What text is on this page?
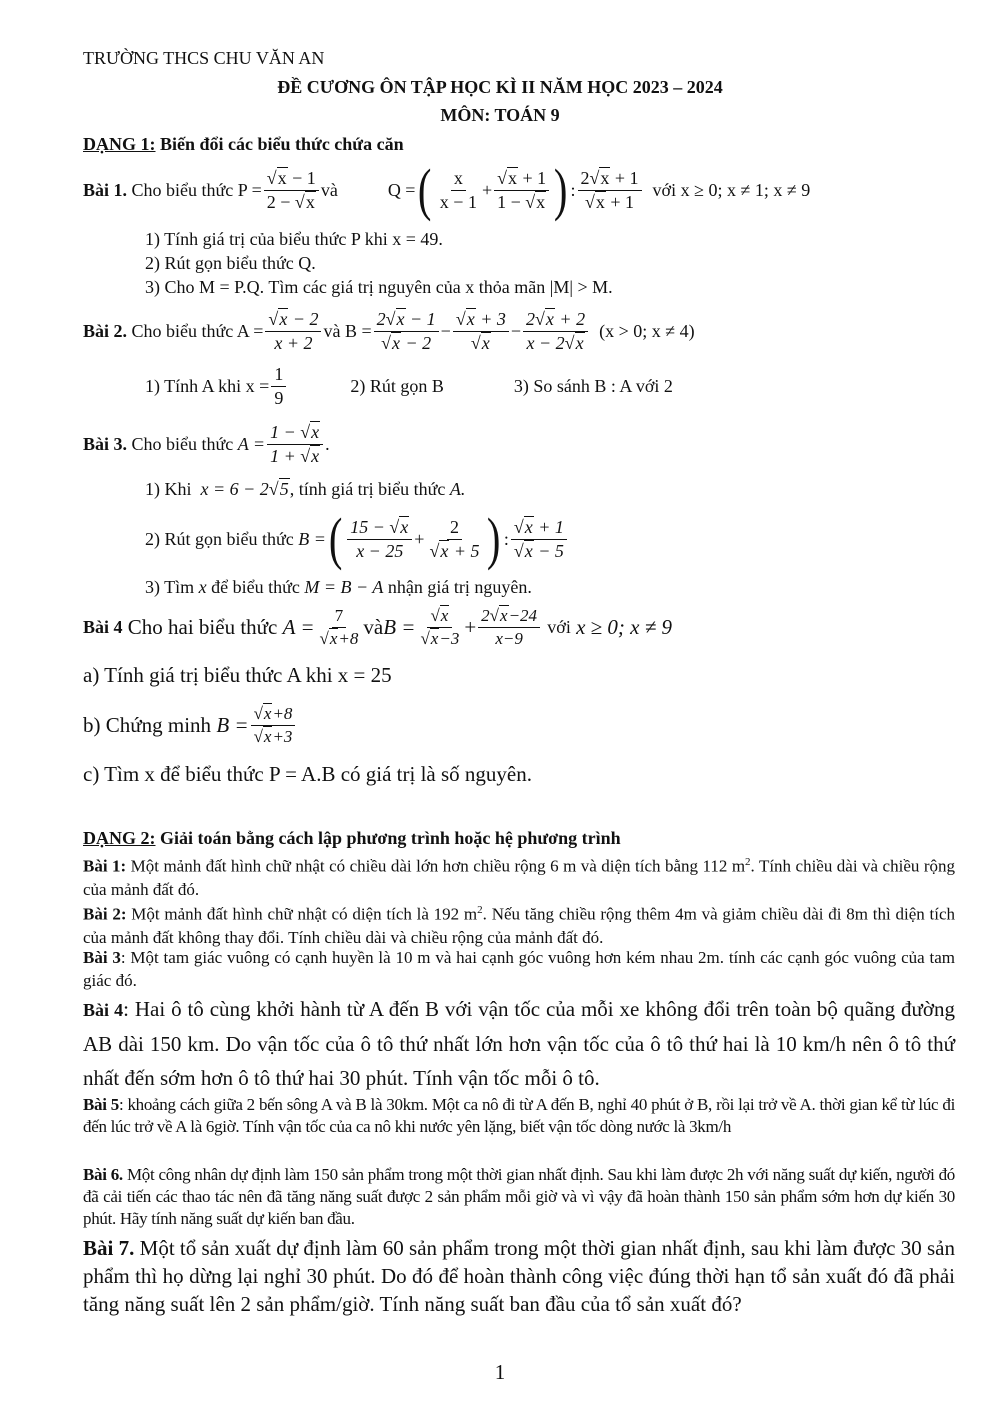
TRƯỜNG THCS CHU VĂN AN
ĐỀ CƯƠNG ÔN TẬP HỌC KÌ II NĂM HỌC 2023 – 2024
MÔN: TOÁN 9
DẠNG 1: Biến đổi các biểu thức chứa căn
Bài 1.
Cho biểu thức
$P = \frac{√x - 1}{2 - √x}$ và	Q = ( $\frac{x}{x - 1} + \frac{√x + 1}{1 - √x}$ ) :
2√x + 1
√x + 1

với x ≥ 0; x ≠ 1; x ≠ 9
1) Tính giá trị của biểu thức P khi x = 49.
2) Rút gọn biểu thức Q.
3) Cho M = P.Q. Tìm các giá trị nguyên của x thỏa mãn |M| > M.
Bài 2.
Cho biểu thức $A = \frac{√x - 2}{x + 2}$ và $B = \frac{2√x - 1}{√x - 2} - \frac{√x + 3}{√x} - \frac{2√x + 2}{x - 2√x}$
(x > 0; x ≠ 4)
1) Tính A khi $x = \frac{1}{9}$	2) Rút gọn B	3) So sánh B : A với 2
Bài 3.
Cho biểu thức
$A = \frac{1 - √x}{1 + √x}$ .
1) Khi x = 6 − 2√5, tính giá trị biểu thức A.
2) Rút gọn biểu thức
B = ( 15 − √x
x − 25
+ $\frac{2}{√x + 5}$ ) :
√x + 1
√x − 5
3) Tìm x để biểu thức M = B − A nhận giá trị nguyên.
Bài 4
Cho hai biểu thức
$A = \frac{7}{√x+8}$ và $B = \frac{√x}{√x-3} + \frac{2√x-24}{x-9}$
với
x ≥ 0; x ≠ 9
a) Tính giá trị biểu thức A khi x = 25
b) Chứng minh
$B = \frac{√x+8}{√x+3}$
c) Tìm x để biểu thức P = A.B có giá trị là số nguyên.
DẠNG 2: Giải toán bằng cách lập phương trình hoặc hệ phương trình
Bài 1: Một mảnh đất hình chữ nhật có chiều dài lớn hơn chiều rộng 6 m và diện tích bằng 112 $m^2$. Tính chiều dài và chiều rộng của mảnh đất đó.
Bài 2: Một mảnh đất hình chữ nhật có diện tích là 192 $m^2$. Nếu tăng chiều rộng thêm 4m và giảm chiều dài đi 8m thì diện tích của mảnh đất không thay đổi. Tính chiều dài và chiều rộng của mảnh đất đó.
Bài 3: Một tam giác vuông có cạnh huyền là 10 m và hai cạnh góc vuông hơn kém nhau 2m. tính các cạnh góc vuông của tam giác đó.
Bài 4: Hai ô tô cùng khởi hành từ A đến B với vận tốc của mỗi xe không đổi trên toàn bộ quãng đường AB dài 150 km. Do vận tốc của ô tô thứ nhất lớn hơn vận tốc của ô tô thứ hai là 10 km/h nên ô tô thứ nhất đến sớm hơn ô tô thứ hai 30 phút. Tính vận tốc mỗi ô tô.
Bài 5: khoảng cách giữa 2 bến sông A và B là 30km. Một ca nô đi từ A đến B, nghỉ 40 phút ở B, rồi lại trở về A. thời gian kể từ lúc đi đến lúc trở về A là 6giờ. Tính vận tốc của ca nô khi nước yên lặng, biết vận tốc dòng nước là 3km/h
Bài 6. Một công nhân dự định làm 150 sản phẩm trong một thời gian nhất định. Sau khi làm được 2h với năng suất dự kiến, người đó đã cải tiến các thao tác nên đã tăng năng suất được 2 sản phẩm mỗi giờ và vì vậy đã hoàn thành 150 sản phẩm sớm hơn dự kiến 30 phút. Hãy tính năng suất dự kiến ban đầu.
Bài 7. Một tổ sản xuất dự định làm 60 sản phẩm trong một thời gian nhất định, sau khi làm được 30 sản phẩm thì họ dừng lại nghỉ 30 phút. Do đó để hoàn thành công việc đúng thời hạn tổ sản xuất đó đã phải tăng năng suất lên 2 sản phẩm/giờ. Tính năng suất ban đầu của tổ sản xuất đó?
1
